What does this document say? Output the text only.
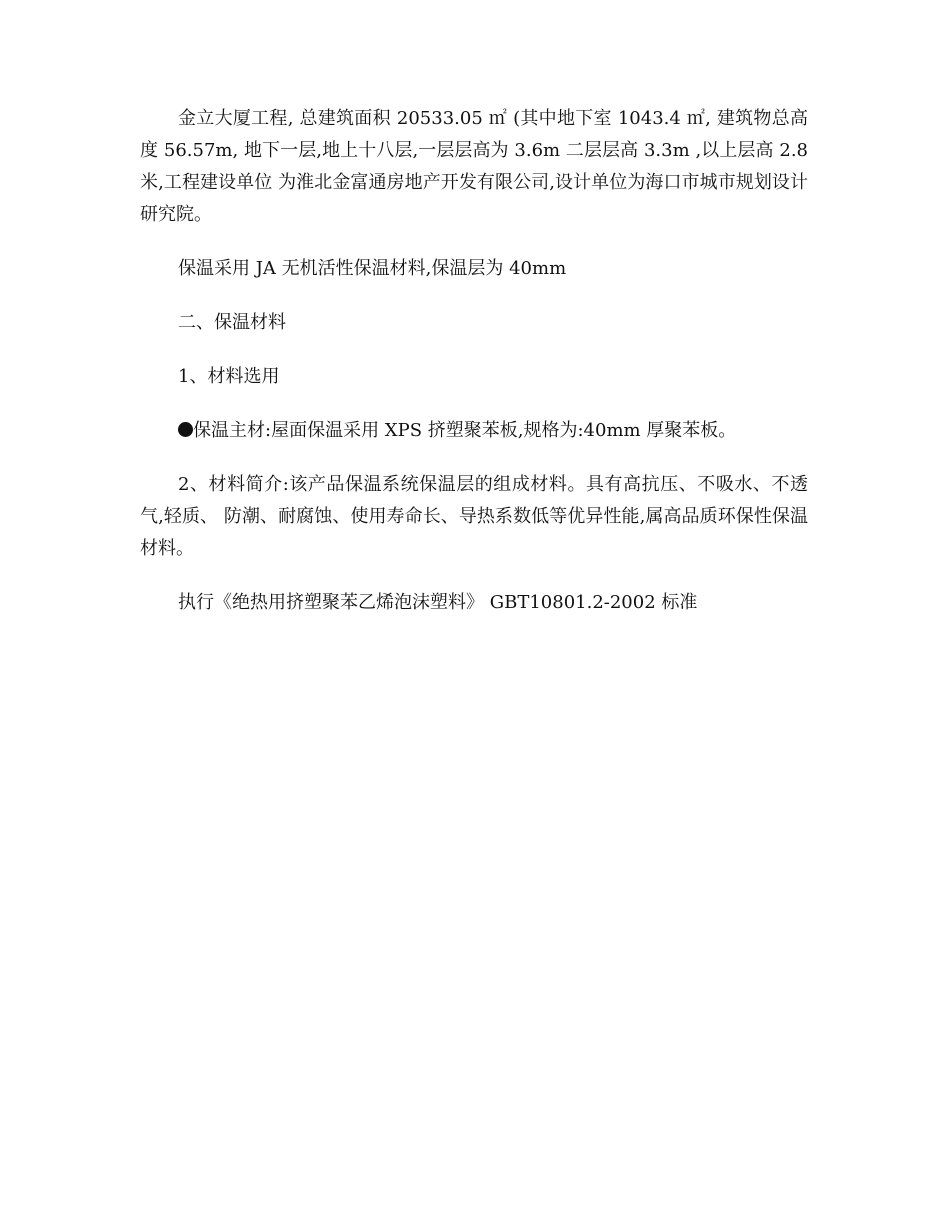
金立大厦工程, 总建筑面积 20533.05 ㎡ (其中地下室 1043.4 ㎡, 建筑物总高度 56.57m, 地下一层,地上十八层,一层层高为 3.6m 二层层高 3.3m ,以上层高 2.8 米,工程建设单位 为淮北金富通房地产开发有限公司,设计单位为海口市城市规划设计研究院。

保温采用 JA 无机活性保温材料,保温层为 40mm

二、保温材料

1、材料选用

保温主材:屋面保温采用 XPS 挤塑聚苯板,规格为:40mm 厚聚苯板。

2、材料简介:该产品保温系统保温层的组成材料。具有高抗压、不吸水、不透气,轻质、 防潮、耐腐蚀、使用寿命长、导热系数低等优异性能,属高品质环保性保温材料。

执行《绝热用挤塑聚苯乙烯泡沫塑料》 GBT10801.2-2002 标准
